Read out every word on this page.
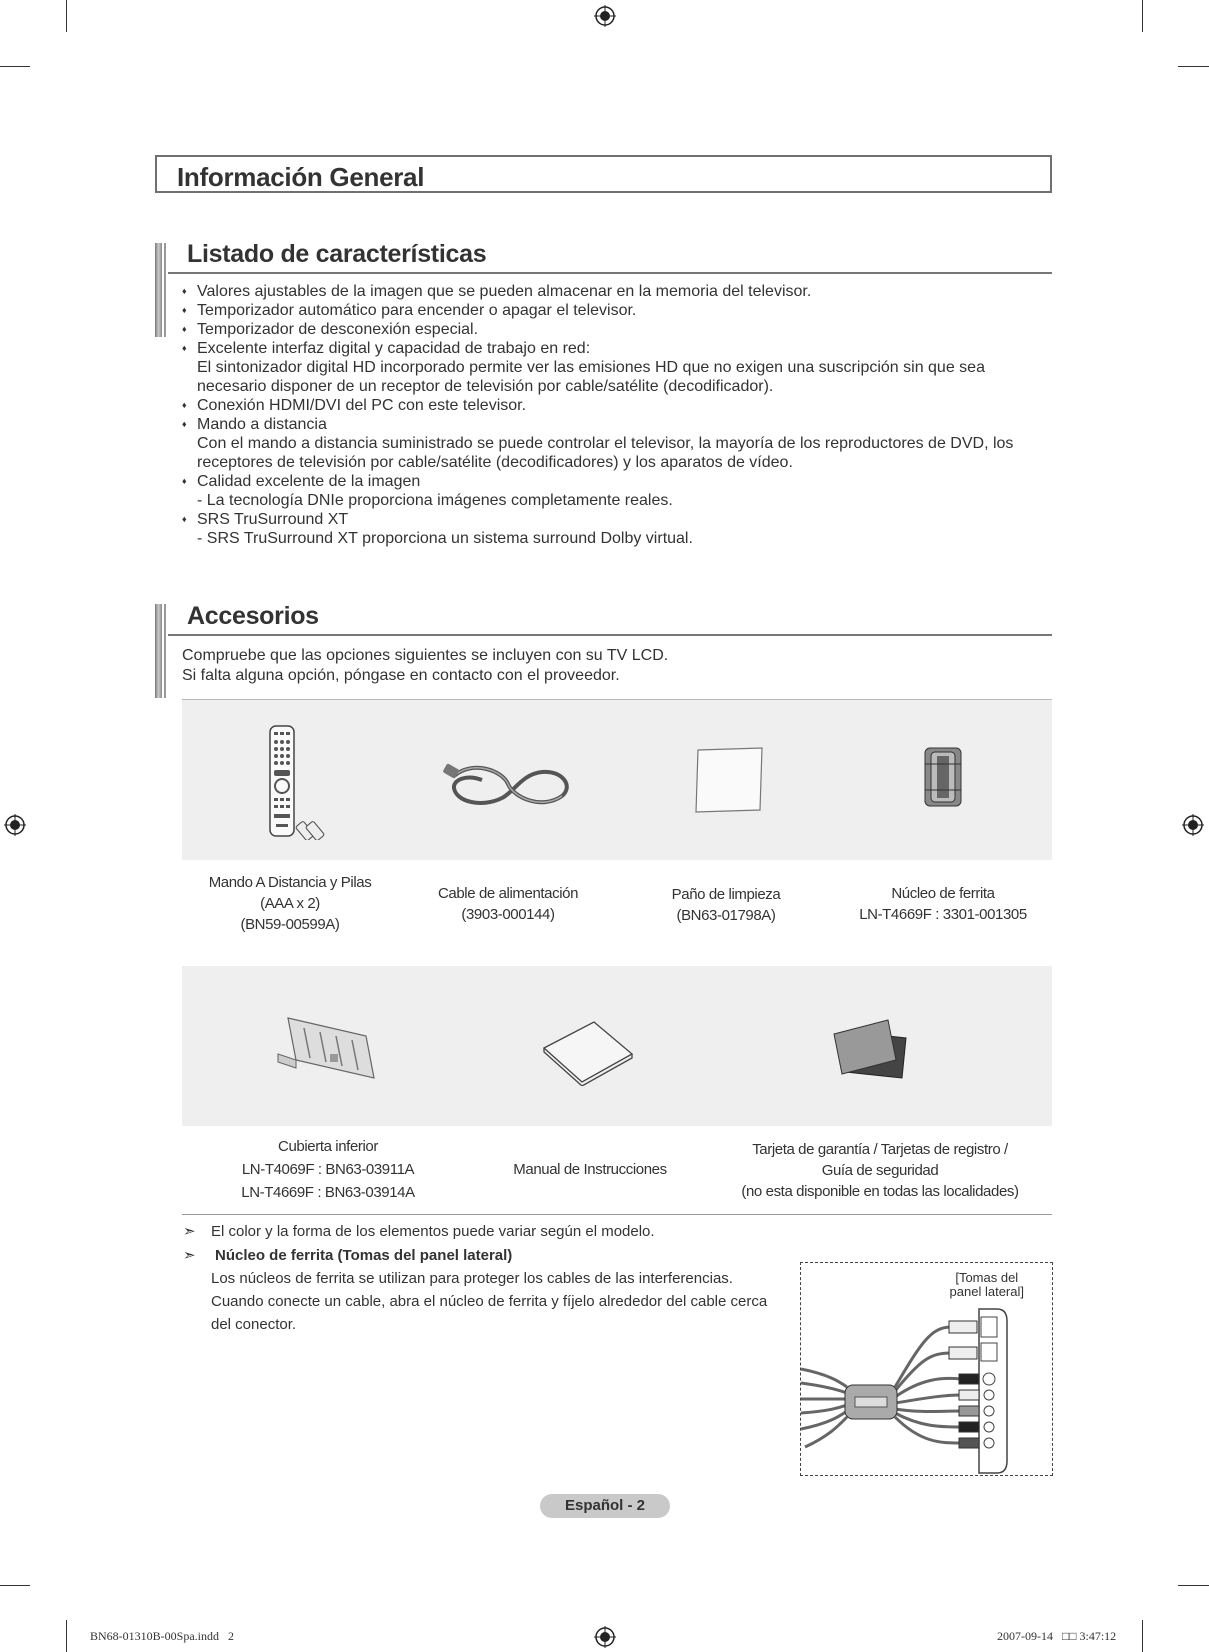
Información General
Listado de características
♦ Valores ajustables de la imagen que se pueden almacenar en la memoria del televisor.
♦ Temporizador automático para encender o apagar el televisor.
♦ Temporizador de desconexión especial.
♦ Excelente interfaz digital y capacidad de trabajo en red:
El sintonizador digital HD incorporado permite ver las emisiones HD que no exigen una suscripción sin que sea
necesario disponer de un receptor de televisión por cable/satélite (decodificador).
♦ Conexión HDMI/DVI del PC con este televisor.
♦ Mando a distancia
Con el mando a distancia suministrado se puede controlar el televisor, la mayoría de los reproductores de DVD, los
receptores de televisión por cable/satélite (decodificadores) y los aparatos de vídeo.
♦ Calidad excelente de la imagen
- La tecnología DNIe proporciona imágenes completamente reales.
♦ SRS TruSurround XT
- SRS TruSurround XT proporciona un sistema surround Dolby virtual.
Accesorios
Compruebe que las opciones siguientes se incluyen con su TV LCD.
Si falta alguna opción, póngase en contacto con el proveedor.
Mando A Distancia y Pilas
(AAA x 2)
(BN59-00599A)
Cable de alimentación
(3903-000144)
Paño de limpieza
(BN63-01798A)
Núcleo de ferrita
LN-T4669F : 3301-001305
Cubierta inferior
LN-T4069F : BN63-03911A
LN-T4669F : BN63-03914A
Manual de Instrucciones
Tarjeta de garantía / Tarjetas de registro /
Guía de seguridad
(no esta disponible en todas las localidades)
➣ El color y la forma de los elementos puede variar según el modelo.
➣ Núcleo de ferrita (Tomas del panel lateral)
Los núcleos de ferrita se utilizan para proteger los cables de las interferencias.
Cuando conecte un cable, abra el núcleo de ferrita y fíjelo alrededor del cable cerca
del conector.
[Tomas del
panel lateral]
Español - 2
BN68-01310B-00Spa.indd   2	2007-09-14   □□ 3:47:12
